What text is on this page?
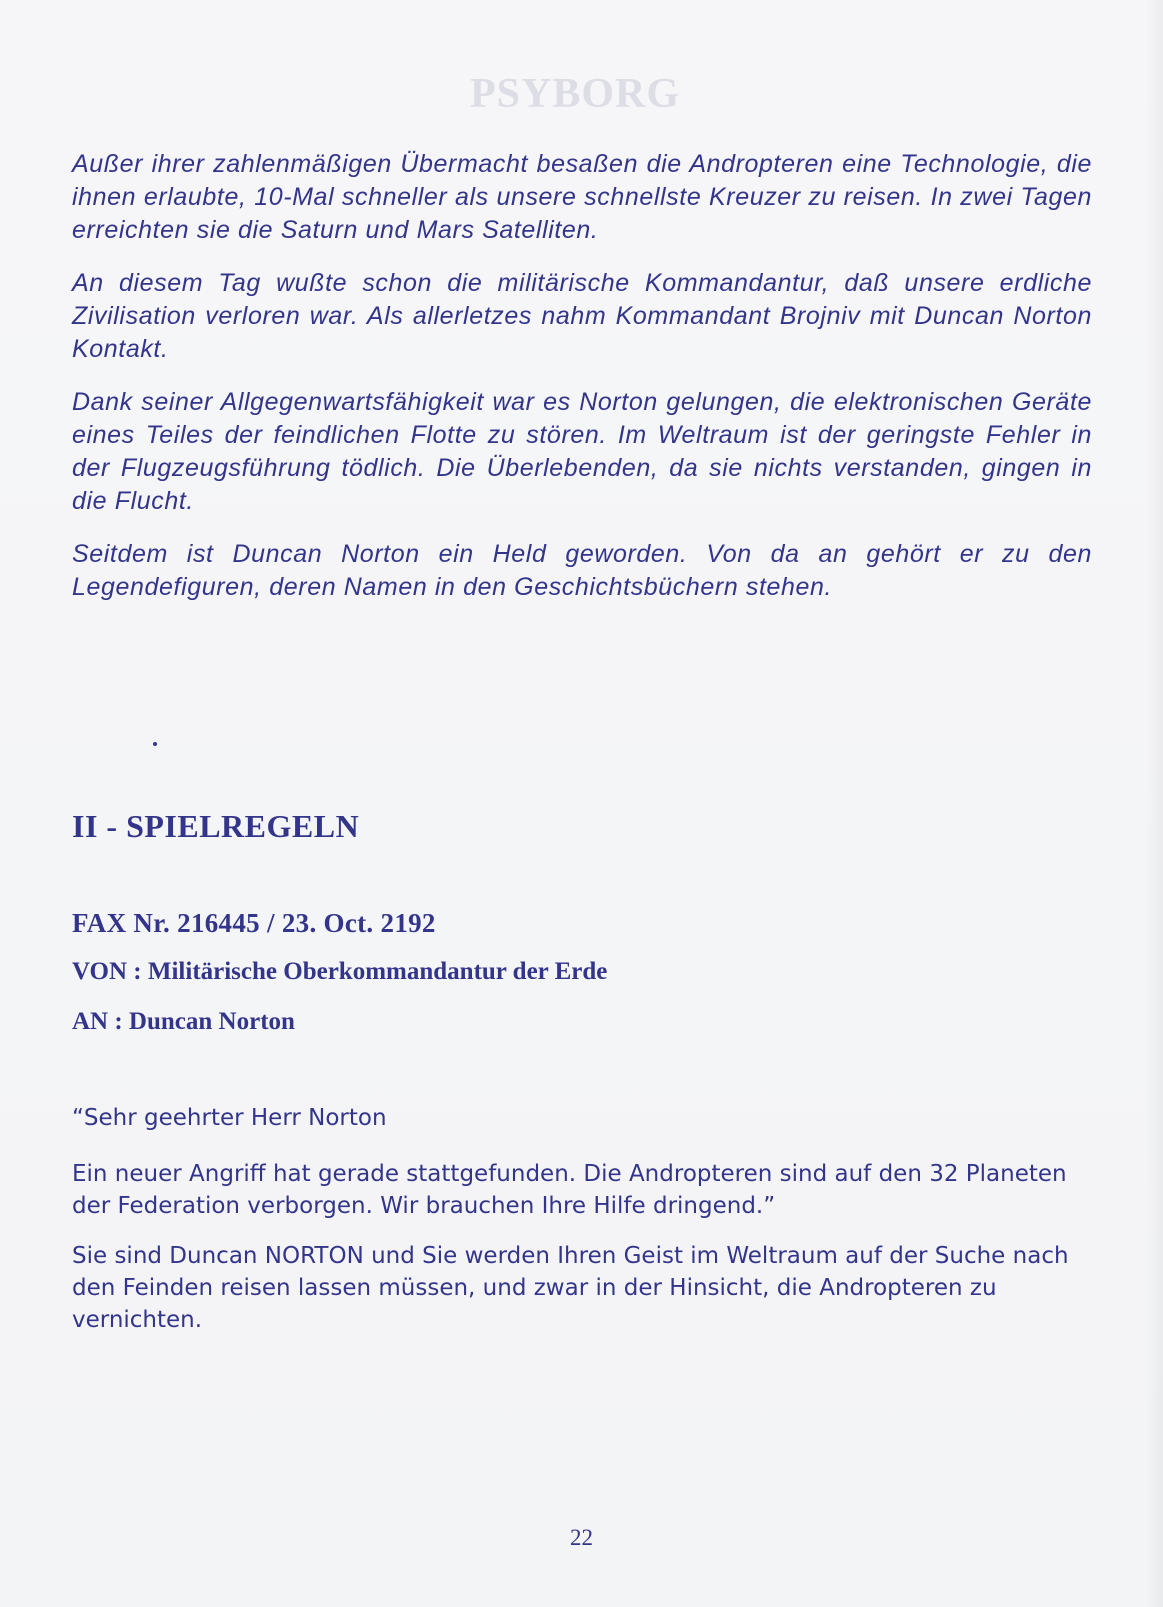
PSYBORG

Außer ihrer zahlenmäßigen Übermacht besaßen die Andropteren eine Technologie, die ihnen erlaubte, 10-Mal schneller als unsere schnellste Kreuzer zu reisen. In zwei Tagen erreichten sie die Saturn und Mars Satelliten.

An diesem Tag wußte schon die militärische Kommandantur, daß unsere erdliche Zivilisation verloren war. Als allerletzes nahm Kommandant Brojniv mit Duncan Norton Kontakt.

Dank seiner Allgegenwartsfähigkeit war es Norton gelungen, die elektronischen Geräte eines Teiles der feindlichen Flotte zu stören. Im Weltraum ist der geringste Fehler in der Flugzeugsführung tödlich. Die Überlebenden, da sie nichts verstanden, gingen in die Flucht.

Seitdem ist Duncan Norton ein Held geworden. Von da an gehört er zu den Legendefiguren, deren Namen in den Geschichtsbüchern stehen.

II - SPIELREGELN

FAX Nr. 216445 / 23. Oct. 2192

VON : Militärische Oberkommandantur der Erde

AN : Duncan Norton

“Sehr geehrter Herr Norton

Ein neuer Angriff hat gerade stattgefunden. Die Andropteren sind auf den 32 Planeten der Federation verborgen. Wir brauchen Ihre Hilfe dringend.”

Sie sind Duncan NORTON und Sie werden Ihren Geist im Weltraum auf der Suche nach den Feinden reisen lassen müssen, und zwar in der Hinsicht, die Andropteren zu vernichten.

22
